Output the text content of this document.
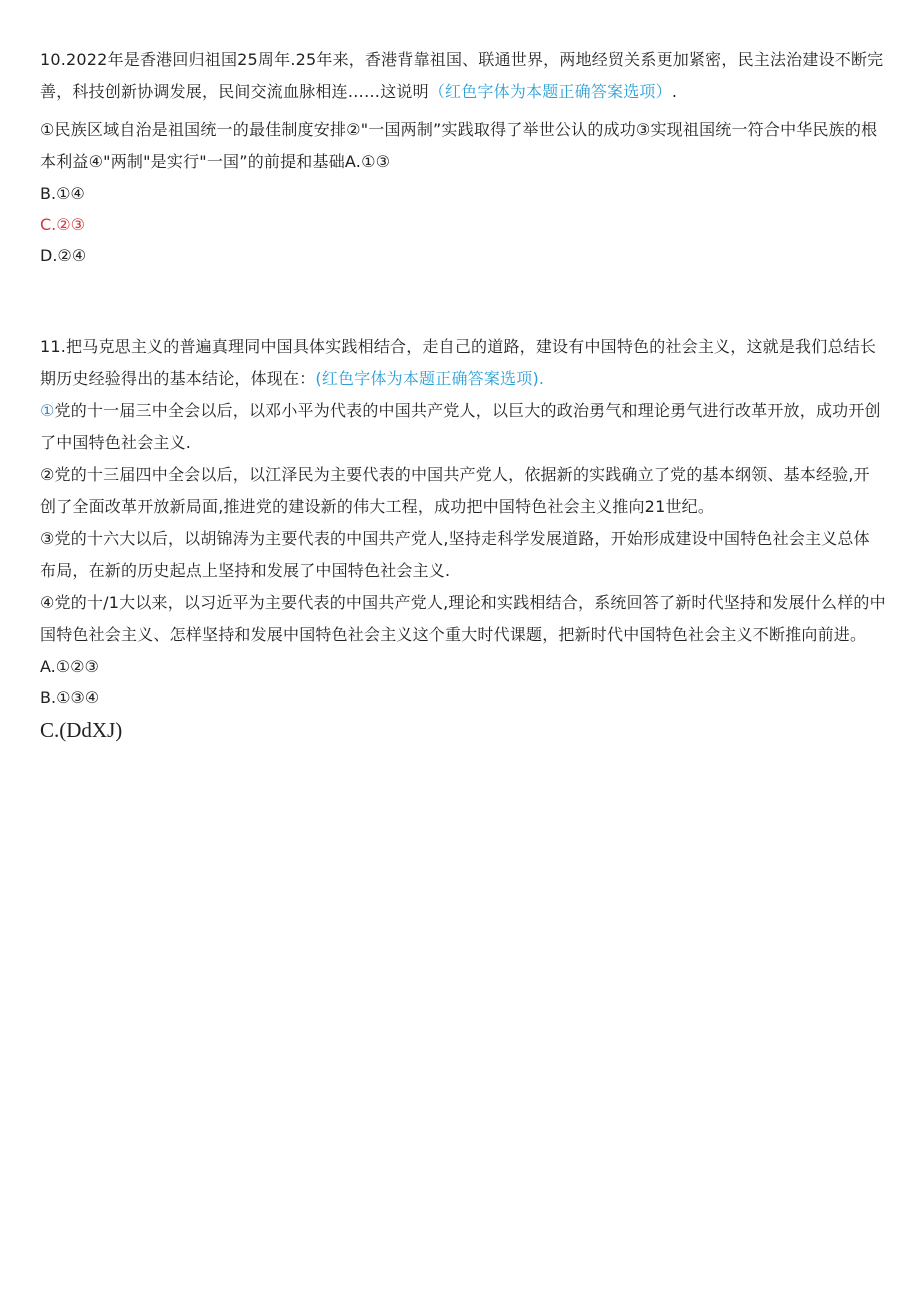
10.2022年是香港回归祖国25周年.25年来，香港背靠祖国、联通世界，两地经贸关系更加紧密，民主法治建设不断完善，科技创新协调发展，民间交流血脉相连……这说明（红色字体为本题正确答案选项）.

①民族区域自治是祖国统一的最佳制度安排②"一国两制”实践取得了举世公认的成功③实现祖国统一符合中华民族的根本利益④"两制"是实行"一国”的前提和基础A.①③

B.①④

C.②③

D.②④

11.把马克思主义的普遍真理同中国具体实践相结合，走自己的道路，建设有中国特色的社会主义，这就是我们总结长期历史经验得出的基本结论，体现在：(红色字体为本题正确答案选项).

①党的十一届三中全会以后，以邓小平为代表的中国共产党人，以巨大的政治勇气和理论勇气进行改革开放，成功开创了中国特色社会主义.

②党的十三届四中全会以后，以江泽民为主要代表的中国共产党人，依据新的实践确立了党的基本纲领、基本经验,开创了全面改革开放新局面,推进党的建设新的伟大工程，成功把中国特色社会主义推向21世纪。

③党的十六大以后，以胡锦涛为主要代表的中国共产党人,坚持走科学发展道路，开始形成建设中国特色社会主义总体布局，在新的历史起点上坚持和发展了中国特色社会主义.

④党的十/1大以来，以习近平为主要代表的中国共产党人,理论和实践相结合，系统回答了新时代坚持和发展什么样的中国特色社会主义、怎样坚持和发展中国特色社会主义这个重大时代课题，把新时代中国特色社会主义不断推向前进。

A.①②③

B.①③④

C.(DdXJ)
